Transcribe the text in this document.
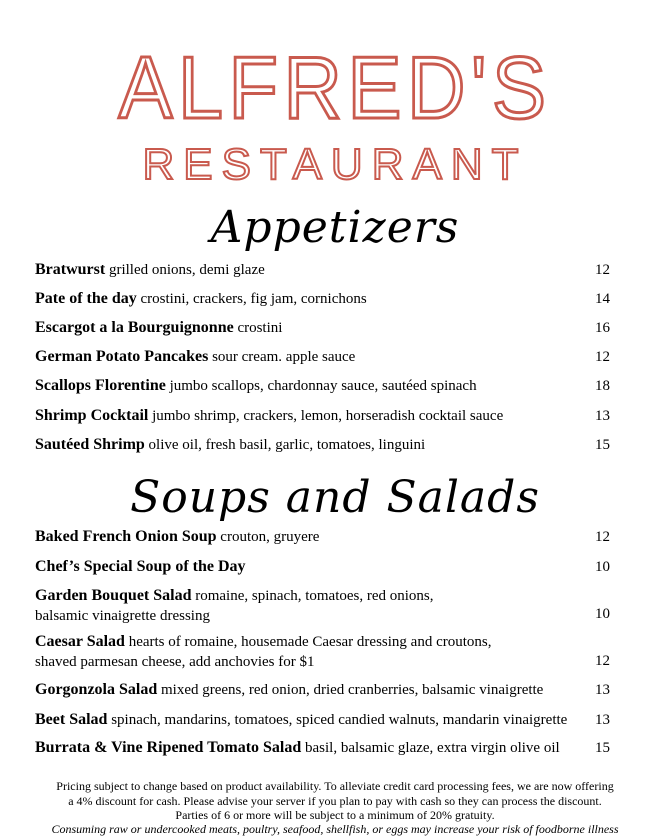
ALFRED'S
RESTAURANT
Appetizers
Bratwurst grilled onions, demi glaze	12
Pate of the day crostini, crackers, fig jam, cornichons	14
Escargot a la Bourguignonne crostini	16
German Potato Pancakes sour cream. apple sauce	12
Scallops Florentine jumbo scallops, chardonnay sauce, sautéed spinach	18
Shrimp Cocktail jumbo shrimp, crackers, lemon, horseradish cocktail sauce	13
Sautéed Shrimp olive oil, fresh basil, garlic, tomatoes, linguini	15
Soups and Salads
Baked French Onion Soup crouton, gruyere	12
Chef’s Special Soup of the Day	10
Garden Bouquet Salad romaine, spinach, tomatoes, red onions,
balsamic vinaigrette dressing	10
Caesar Salad hearts of romaine, housemade Caesar dressing and croutons,
shaved parmesan cheese, add anchovies for $1	12
Gorgonzola Salad mixed greens, red onion, dried cranberries, balsamic vinaigrette	13
Beet Salad spinach, mandarins, tomatoes, spiced candied walnuts, mandarin vinaigrette	13
Burrata & Vine Ripened Tomato Salad basil, balsamic glaze, extra virgin olive oil	15
Pricing subject to change based on product availability. To alleviate credit card processing fees, we are now offering
a 4% discount for cash. Please advise your server if you plan to pay with cash so they can process the discount.
Parties of 6 or more will be subject to a minimum of 20% gratuity.
Consuming raw or undercooked meats, poultry, seafood, shellfish, or eggs may increase your risk of foodborne illness
